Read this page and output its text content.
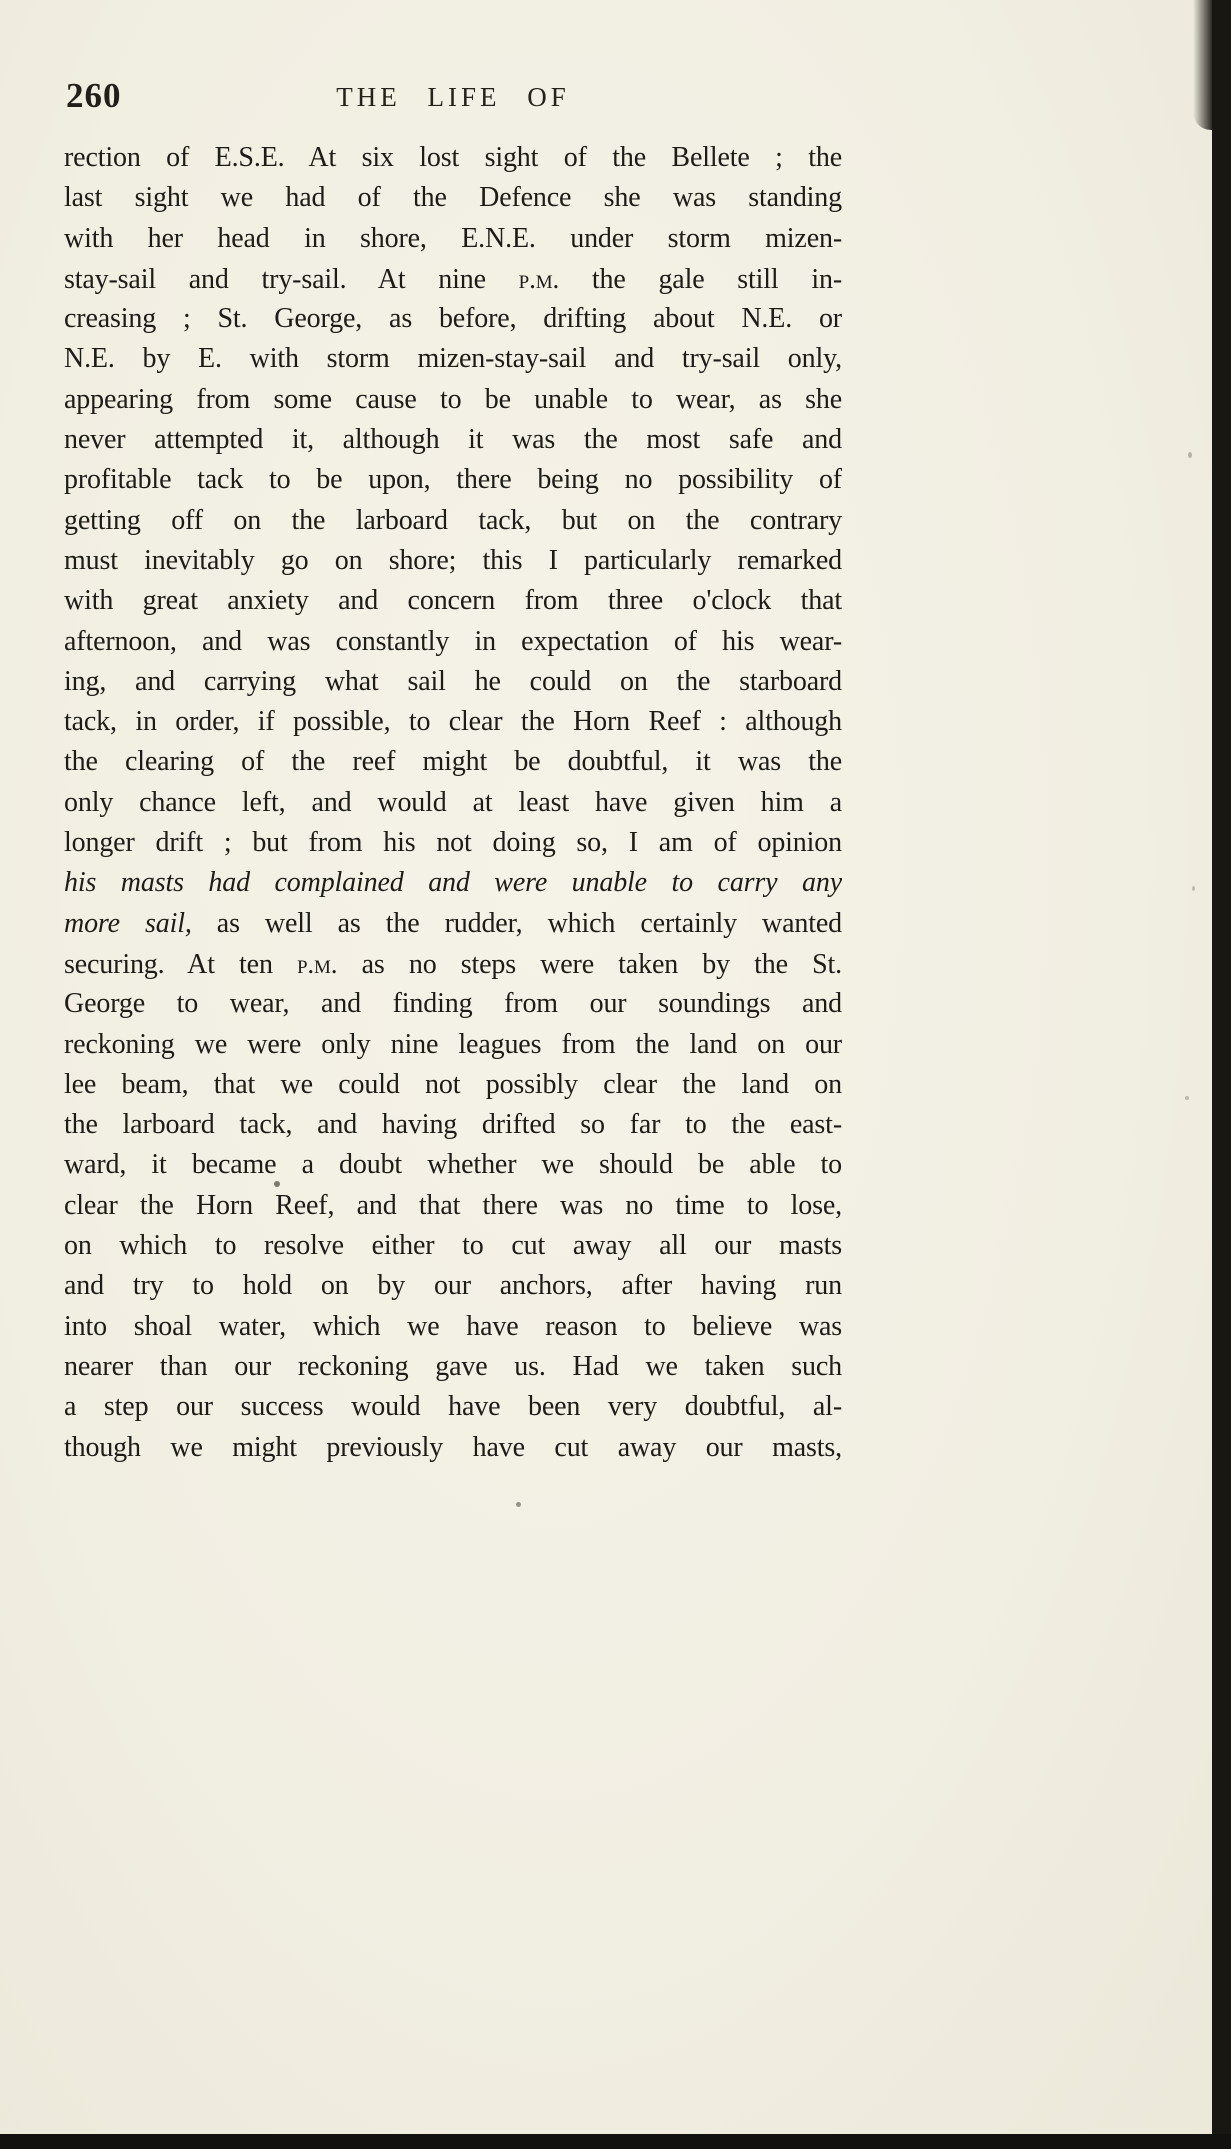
260	THE LIFE OF
rection of E.S.E. At six lost sight of the Bellete ; the
last sight we had of the Defence she was standing
with her head in shore, E.N.E. under storm mizen-
stay-sail and try-sail. At nine p.m. the gale still in-
creasing ; St. George, as before, drifting about N.E. or
N.E. by E. with storm mizen-stay-sail and try-sail only,
appearing from some cause to be unable to wear, as she
never attempted it, although it was the most safe and
profitable tack to be upon, there being no possibility of
getting off on the larboard tack, but on the contrary
must inevitably go on shore; this I particularly remarked
with great anxiety and concern from three o'clock that
afternoon, and was constantly in expectation of his wear-
ing, and carrying what sail he could on the starboard
tack, in order, if possible, to clear the Horn Reef : although
the clearing of the reef might be doubtful, it was the
only chance left, and would at least have given him a
longer drift ; but from his not doing so, I am of opinion
his masts had complained and were unable to carry any
more sail, as well as the rudder, which certainly wanted
securing. At ten p.m. as no steps were taken by the St.
George to wear, and finding from our soundings and
reckoning we were only nine leagues from the land on our
lee beam, that we could not possibly clear the land on
the larboard tack, and having drifted so far to the east-
ward, it became a doubt whether we should be able to
clear the Horn Reef, and that there was no time to lose,
on which to resolve either to cut away all our masts
and try to hold on by our anchors, after having run
into shoal water, which we have reason to believe was
nearer than our reckoning gave us. Had we taken such
a step our success would have been very doubtful, al-
though we might previously have cut away our masts,
